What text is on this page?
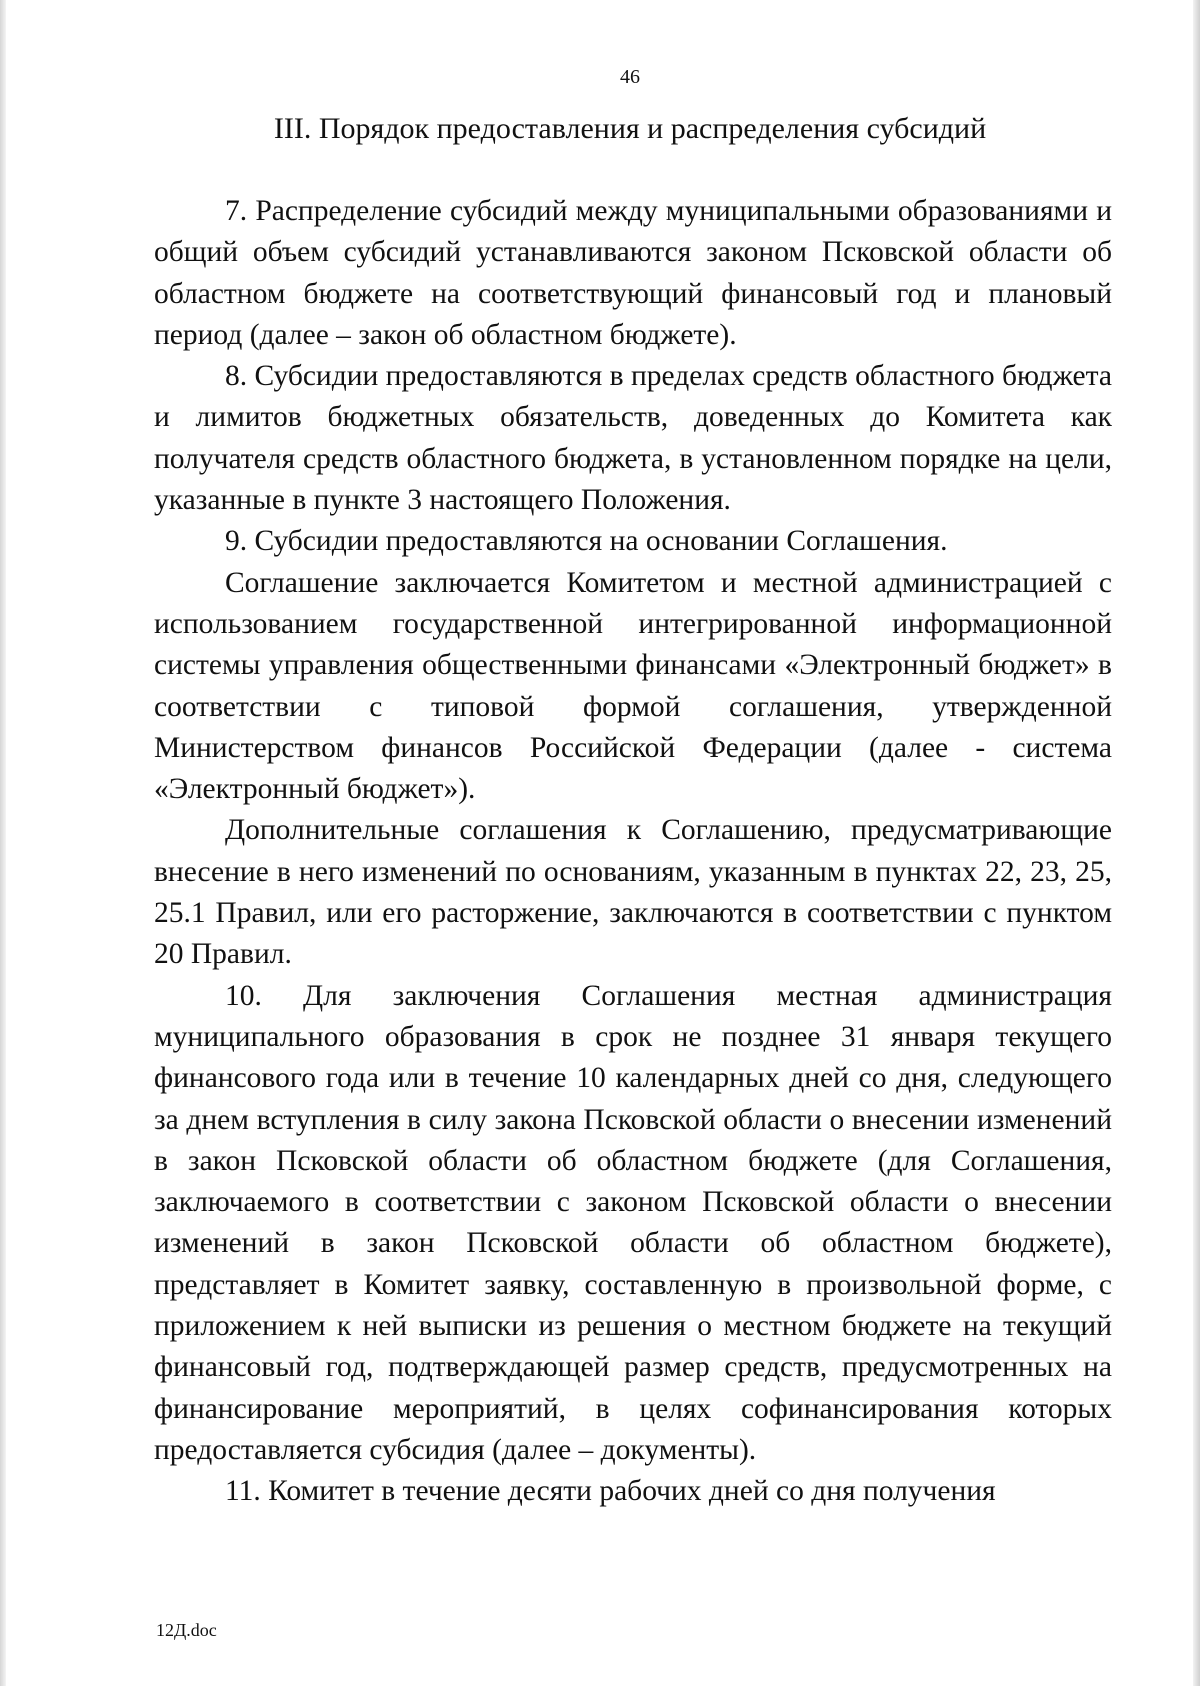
46
III. Порядок предоставления и распределения субсидий

7. Распределение субсидий между муниципальными образованиями и общий объем субсидий устанавливаются законом Псковской области об областном бюджете на соответствующий финансовый год и плановый период (далее – закон об областном бюджете).

8. Субсидии предоставляются в пределах средств областного бюджета и лимитов бюджетных обязательств, доведенных до Комитета как получателя средств областного бюджета, в установленном порядке на цели, указанные в пункте 3 настоящего Положения.

9. Субсидии предоставляются на основании Соглашения.

Соглашение заключается Комитетом и местной администрацией с использованием государственной интегрированной информационной системы управления общественными финансами «Электронный бюджет» в соответствии с типовой формой соглашения, утвержденной Министерством финансов Российской Федерации (далее - система «Электронный бюджет»).

Дополнительные соглашения к Соглашению, предусматривающие внесение в него изменений по основаниям, указанным в пунктах 22, 23, 25, 25.1 Правил, или его расторжение, заключаются в соответствии с пунктом 20 Правил.

10. Для заключения Соглашения местная администрация муниципального образования в срок не позднее 31 января текущего финансового года или в течение 10 календарных дней со дня, следующего за днем вступления в силу закона Псковской области о внесении изменений в закон Псковской области об областном бюджете (для Соглашения, заключаемого в соответствии с законом Псковской области о внесении изменений в закон Псковской области об областном бюджете), представляет в Комитет заявку, составленную в произвольной форме, с приложением к ней выписки из решения о местном бюджете на текущий финансовый год, подтверждающей размер средств, предусмотренных на финансирование мероприятий, в целях софинансирования которых предоставляется субсидия (далее – документы).

11. Комитет в течение десяти рабочих дней со дня получения

12Д.doc
